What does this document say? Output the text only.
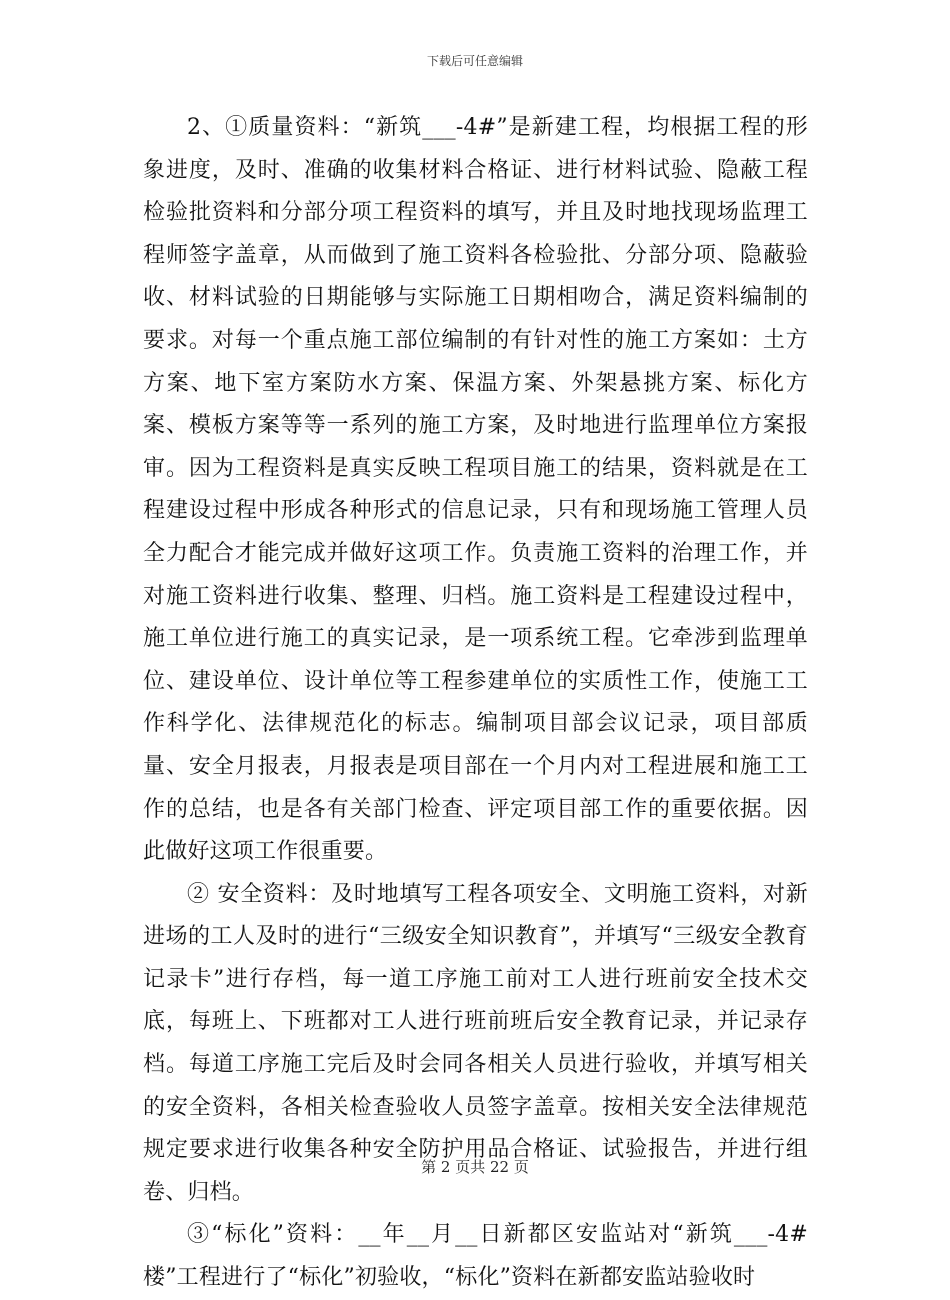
下载后可任意编辑

2、①质量资料：“新筑___-4#”是新建工程，均根据工程的形象进度，及时、准确的收集材料合格证、进行材料试验、隐蔽工程检验批资料和分部分项工程资料的填写，并且及时地找现场监理工程师签字盖章，从而做到了施工资料各检验批、分部分项、隐蔽验收、材料试验的日期能够与实际施工日期相吻合，满足资料编制的要求。对每一个重点施工部位编制的有针对性的施工方案如：土方方案、地下室方案防水方案、保温方案、外架悬挑方案、标化方案、模板方案等等一系列的施工方案，及时地进行监理单位方案报审。因为工程资料是真实反映工程项目施工的结果，资料就是在工程建设过程中形成各种形式的信息记录，只有和现场施工管理人员全力配合才能完成并做好这项工作。负责施工资料的治理工作，并对施工资料进行收集、整理、归档。施工资料是工程建设过程中，施工单位进行施工的真实记录，是一项系统工程。它牵涉到监理单位、建设单位、设计单位等工程参建单位的实质性工作，使施工工作科学化、法律规范化的标志。编制项目部会议记录，项目部质量、安全月报表，月报表是项目部在一个月内对工程进展和施工工作的总结，也是各有关部门检查、评定项目部工作的重要依据。因此做好这项工作很重要。

② 安全资料：及时地填写工程各项安全、文明施工资料，对新进场的工人及时的进行“三级安全知识教育”，并填写“三级安全教育记录卡”进行存档，每一道工序施工前对工人进行班前安全技术交底，每班上、下班都对工人进行班前班后安全教育记录，并记录存档。每道工序施工完后及时会同各相关人员进行验收，并填写相关的安全资料，各相关检查验收人员签字盖章。按相关安全法律规范规定要求进行收集各种安全防护用品合格证、试验报告，并进行组卷、归档。

③“标化”资料：__年__月__日新都区安监站对“新筑___-4#楼”工程进行了“标化”初验收，“标化”资料在新都安监站验收时

第 2 页共 22 页
